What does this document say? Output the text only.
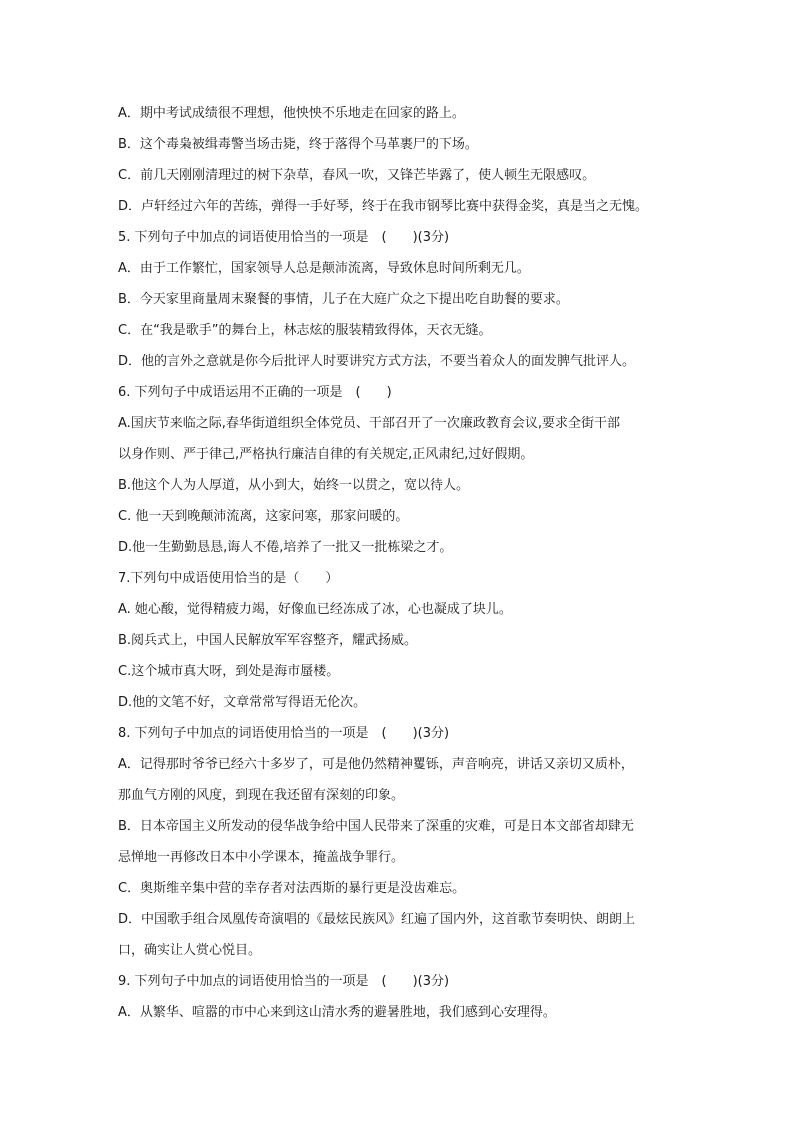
A．期中考试成绩很不理想，他怏怏不乐地走在回家的路上。
B．这个毒枭被缉毒警当场击毙，终于落得个马革裹尸的下场。
C．前几天刚刚清理过的树下杂草，春风一吹，又锋芒毕露了，使人顿生无限感叹。
D．卢轩经过六年的苦练，弹得一手好琴，终于在我市钢琴比赛中获得金奖，真是当之无愧。
5. 下列句子中加点的词语使用恰当的一项是　(　　)(3分)
A．由于工作繁忙，国家领导人总是颠沛流离，导致休息时间所剩无几。
B．今天家里商量周末聚餐的事情，儿子在大庭广众之下提出吃自助餐的要求。
C．在“我是歌手”的舞台上，林志炫的服装精致得体，天衣无缝。
D．他的言外之意就是你今后批评人时要讲究方式方法，不要当着众人的面发脾气批评人。
6. 下列句子中成语运用不正确的一项是　(　　)
A.国庆节来临之际,春华街道组织全体党员、干部召开了一次廉政教育会议,要求全街干部
以身作则、严于律己,严格执行廉洁自律的有关规定,正风肃纪,过好假期。
B.他这个人为人厚道，从小到大，始终一以贯之，宽以待人。
C. 他一天到晚颠沛流离，这家问寒，那家问暖的。
D.他一生勤勤恳恳,诲人不倦,培养了一批又一批栋梁之才。
7.下列句中成语使用恰当的是（　　）
A. 她心酸，觉得精疲力竭，好像血已经冻成了冰，心也凝成了块儿。
B.阅兵式上，中国人民解放军军容整齐，耀武扬威。
C.这个城市真大呀，到处是海市蜃楼。
D.他的文笔不好，文章常常写得语无伦次。
8. 下列句子中加点的词语使用恰当的一项是　(　　)(3分)
A．记得那时爷爷已经六十多岁了，可是他仍然精神矍铄，声音响亮，讲话又亲切又质朴，
那血气方刚的风度，到现在我还留有深刻的印象。
B．日本帝国主义所发动的侵华战争给中国人民带来了深重的灾难，可是日本文部省却肆无
忌惮地一再修改日本中小学课本，掩盖战争罪行。
C．奥斯维辛集中营的幸存者对法西斯的暴行更是没齿难忘。
D．中国歌手组合凤凰传奇演唱的《最炫民族风》红遍了国内外，这首歌节奏明快、朗朗上
口，确实让人赏心悦目。
9. 下列句子中加点的词语使用恰当的一项是　(　　)(3分)
A．从繁华、喧嚣的市中心来到这山清水秀的避暑胜地，我们感到心安理得。
